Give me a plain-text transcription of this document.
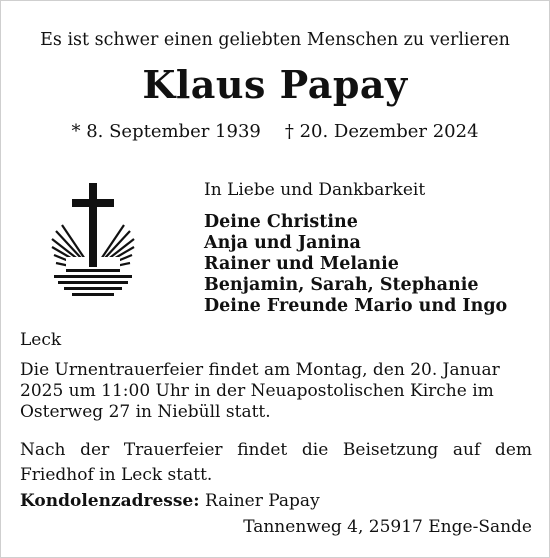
Es ist schwer einen geliebten Menschen zu verlieren
Klaus Papay
* 8. September 1939 † 20. Dezember 2024
In Liebe und Dankbarkeit
Deine Christine
Anja und Janina
Rainer und Melanie
Benjamin, Sarah, Stephanie
Deine Freunde Mario und Ingo
Leck
Die Urnentrauerfeier findet am Montag, den 20. Januar 2025 um 11:00 Uhr in der Neuapostolischen Kirche im Osterweg 27 in Niebüll statt.
Nach der Trauerfeier findet die Beisetzung auf dem Friedhof in Leck statt.
Kondolenzadresse: Rainer Papay
Tannenweg 4, 25917 Enge-Sande
